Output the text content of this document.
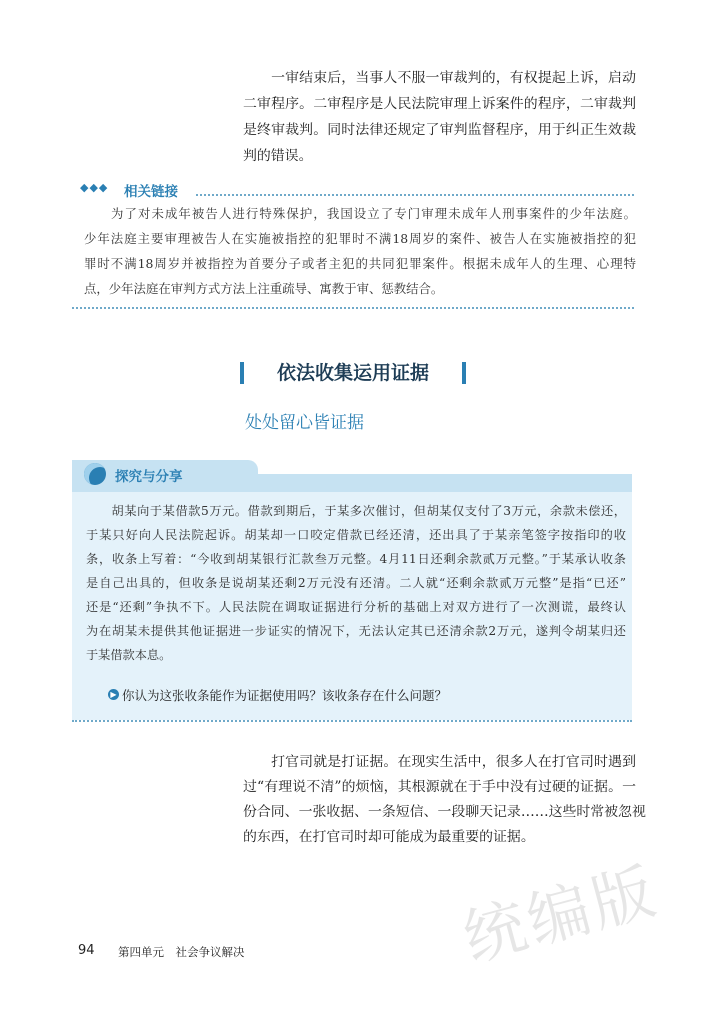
　　一审结束后，当事人不服一审裁判的，有权提起上诉，启动
二审程序。二审程序是人民法院审理上诉案件的程序，二审裁判
是终审裁判。同时法律还规定了审判监督程序，用于纠正生效裁
判的错误。
◆◆◆ 相关链接
　　为了对未成年被告人进行特殊保护，我国设立了专门审理未成年人刑事案件的少年法庭。
少年法庭主要审理被告人在实施被指控的犯罪时不满18周岁的案件、被告人在实施被指控的犯
罪时不满18周岁并被指控为首要分子或者主犯的共同犯罪案件。根据未成年人的生理、心理特
点，少年法庭在审判方式方法上注重疏导、寓教于审、惩教结合。
依法收集运用证据
处处留心皆证据
探究与分享
　　胡某向于某借款5万元。借款到期后，于某多次催讨，但胡某仅支付了3万元，余款未偿还，
于某只好向人民法院起诉。胡某却一口咬定借款已经还清，还出具了于某亲笔签字按指印的收
条，收条上写着：“今收到胡某银行汇款叁万元整。4月11日还剩余款贰万元整。”于某承认收条
是自己出具的，但收条是说胡某还剩2万元没有还清。二人就“还剩余款贰万元整”是指“已还”
还是“还剩”争执不下。人民法院在调取证据进行分析的基础上对双方进行了一次测谎，最终认
为在胡某未提供其他证据进一步证实的情况下，无法认定其已还清余款2万元，遂判令胡某归还
于某借款本息。
▶ 你认为这张收条能作为证据使用吗？该收条存在什么问题？
　　打官司就是打证据。在现实生活中，很多人在打官司时遇到
过“有理说不清”的烦恼，其根源就在于手中没有过硬的证据。一
份合同、一张收据、一条短信、一段聊天记录……这些时常被忽视
的东西，在打官司时却可能成为最重要的证据。
统编版
94 第四单元　社会争议解决
